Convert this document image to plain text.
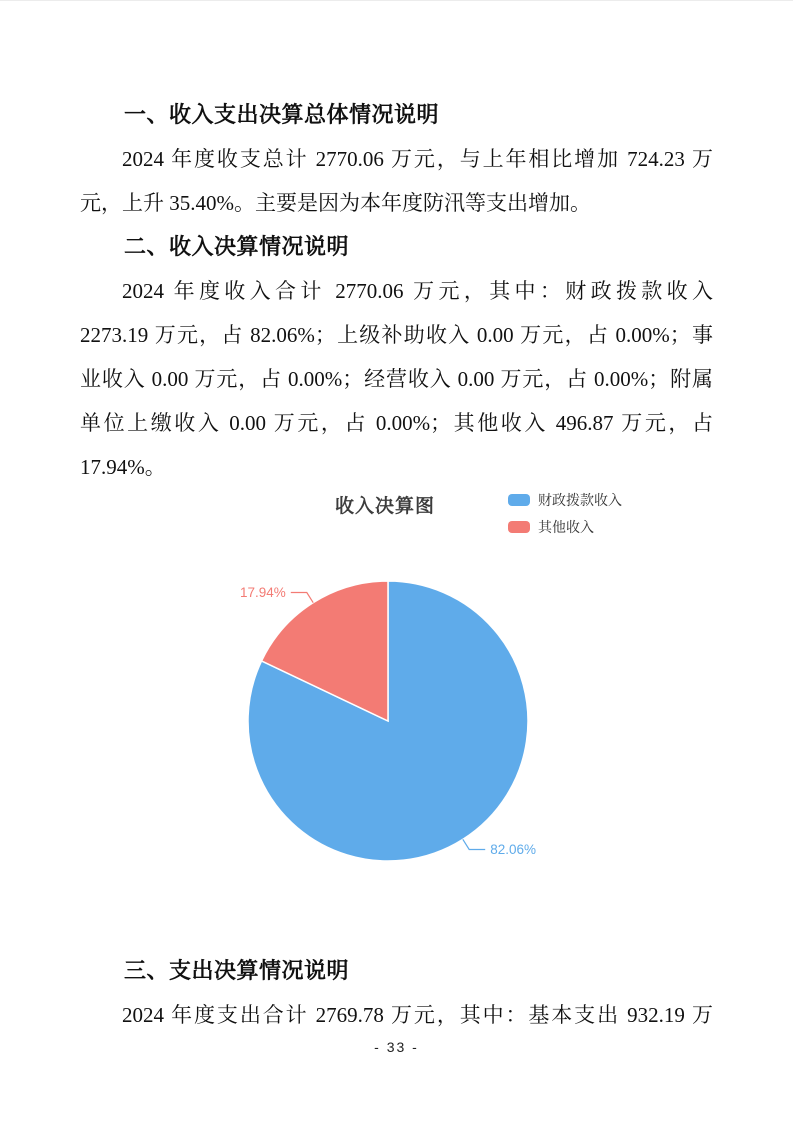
一、收入支出决算总体情况说明
2024 年度收支总计 2770.06 万元，与上年相比增加 724.23 万
元，上升 35.40%。主要是因为本年度防汛等支出增加。
二、收入决算情况说明
2024 年度收入合计 2770.06 万元，其中：财政拨款收入
2273.19 万元，占 82.06%；上级补助收入 0.00 万元，占 0.00%；事
业收入 0.00 万元，占 0.00%；经营收入 0.00 万元，占 0.00%；附属
单位上缴收入 0.00 万元，占 0.00%；其他收入 496.87 万元，占
17.94%。
收入决算图	财政拨款收入
其他收入
82.06%
17.94%
三、支出决算情况说明
2024 年度支出合计 2769.78 万元，其中：基本支出 932.19 万
- 33 -
